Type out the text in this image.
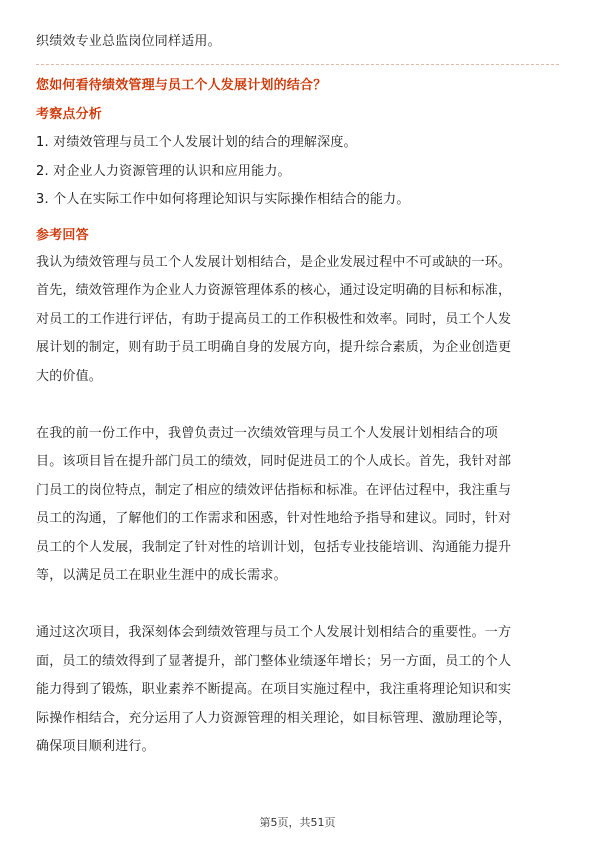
织绩效专业总监岗位同样适用。
您如何看待绩效管理与员工个人发展计划的结合？
考察点分析
1. 对绩效管理与员工个人发展计划的结合的理解深度。
2. 对企业人力资源管理的认识和应用能力。
3. 个人在实际工作中如何将理论知识与实际操作相结合的能力。
参考回答
我认为绩效管理与员工个人发展计划相结合，是企业发展过程中不可或缺的一环。
首先，绩效管理作为企业人力资源管理体系的核心，通过设定明确的目标和标准，
对员工的工作进行评估，有助于提高员工的工作积极性和效率。同时，员工个人发
展计划的制定，则有助于员工明确自身的发展方向，提升综合素质，为企业创造更
大的价值。
在我的前一份工作中，我曾负责过一次绩效管理与员工个人发展计划相结合的项
目。该项目旨在提升部门员工的绩效，同时促进员工的个人成长。首先，我针对部
门员工的岗位特点，制定了相应的绩效评估指标和标准。在评估过程中，我注重与
员工的沟通，了解他们的工作需求和困惑，针对性地给予指导和建议。同时，针对
员工的个人发展，我制定了针对性的培训计划，包括专业技能培训、沟通能力提升
等，以满足员工在职业生涯中的成长需求。
通过这次项目，我深刻体会到绩效管理与员工个人发展计划相结合的重要性。一方
面，员工的绩效得到了显著提升，部门整体业绩逐年增长；另一方面，员工的个人
能力得到了锻炼，职业素养不断提高。在项目实施过程中，我注重将理论知识和实
际操作相结合，充分运用了人力资源管理的相关理论，如目标管理、激励理论等，
确保项目顺利进行。
第5页，共51页
